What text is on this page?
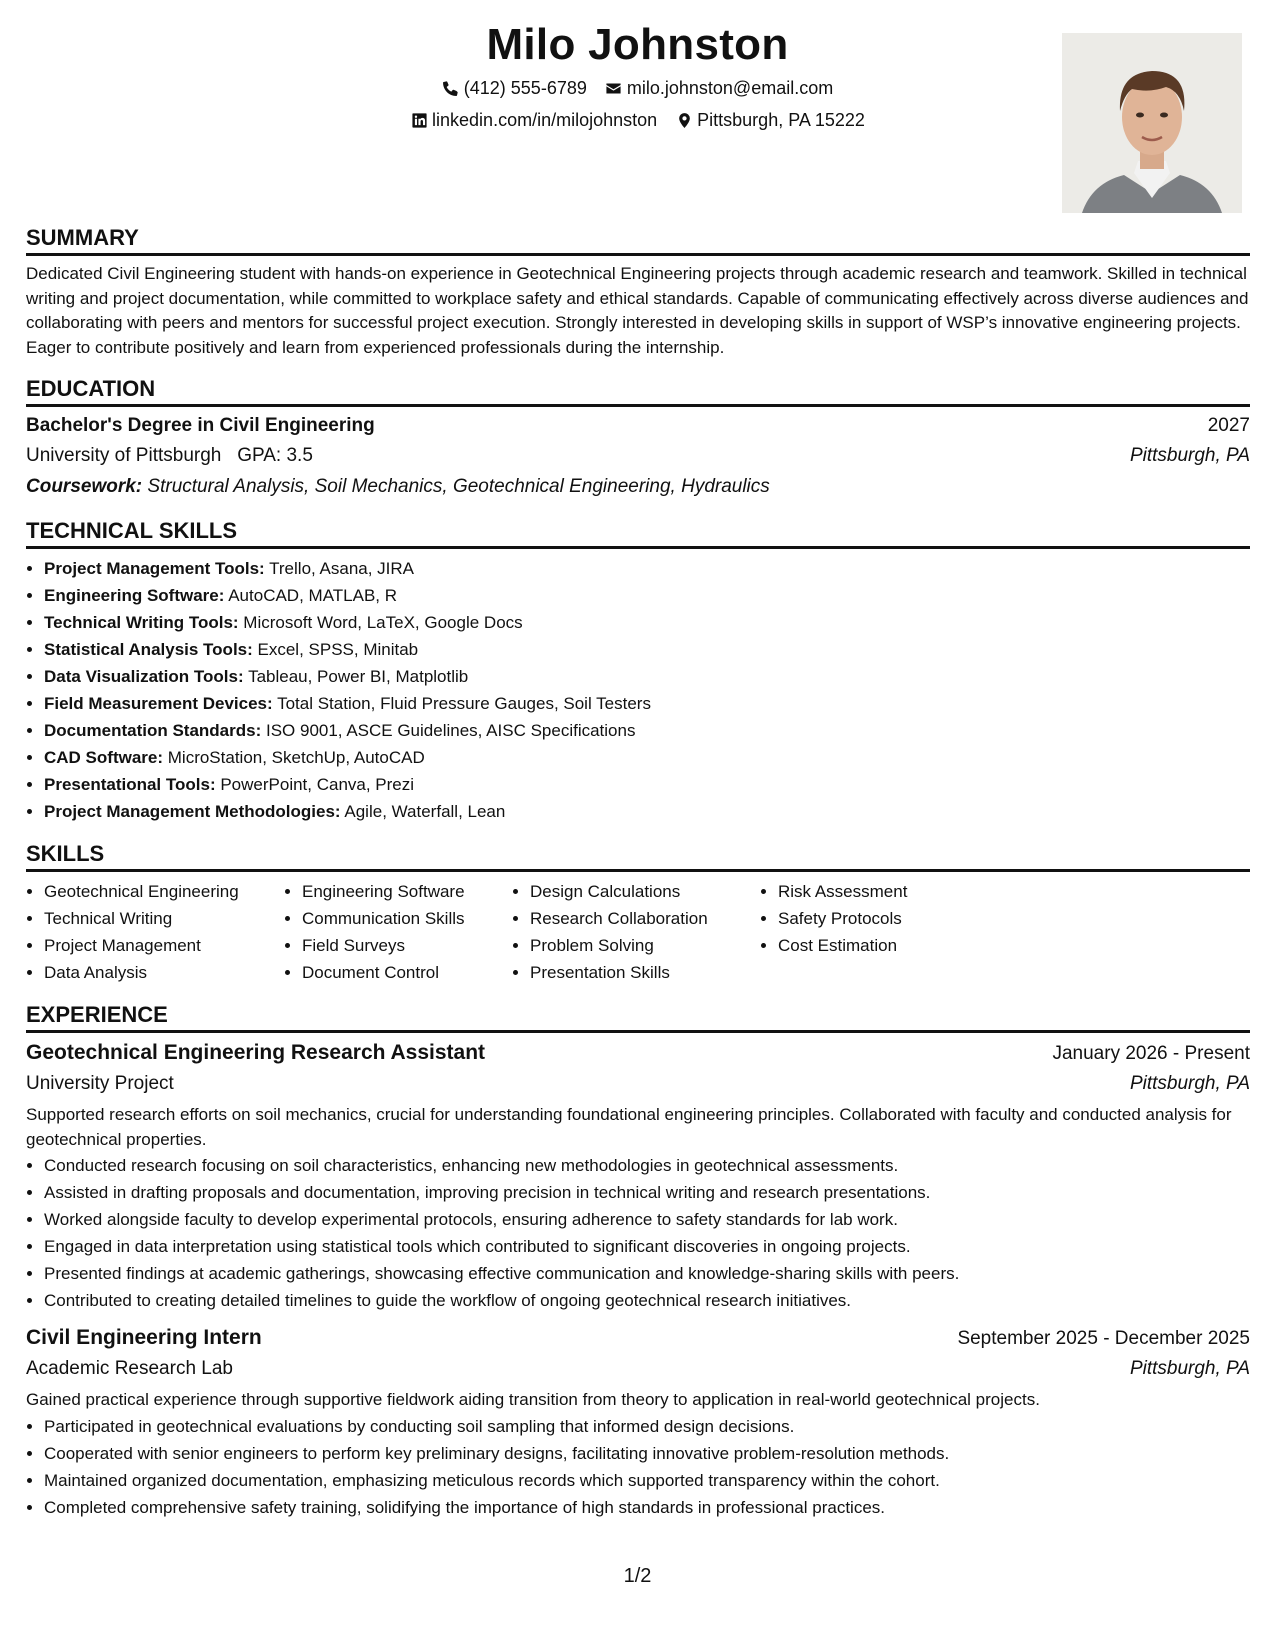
Milo Johnston
(412) 555-6789 milo.johnston@email.com
linkedin.com/in/milojohnston Pittsburgh, PA 15222
SUMMARY

Dedicated Civil Engineering student with hands-on experience in Geotechnical Engineering projects through academic research and teamwork. Skilled in technical writing and project documentation, while committed to workplace safety and ethical standards. Capable of communicating effectively across diverse audiences and collaborating with peers and mentors for successful project execution. Strongly interested in developing skills in support of WSP’s innovative engineering projects. Eager to contribute positively and learn from experienced professionals during the internship.

EDUCATION
Bachelor's Degree in Civil Engineering	2027
University of Pittsburgh GPA: 3.5	Pittsburgh, PA
Coursework: Structural Analysis, Soil Mechanics, Geotechnical Engineering, Hydraulics
TECHNICAL SKILLS
• Project Management Tools: Trello, Asana, JIRA
• Engineering Software: AutoCAD, MATLAB, R
• Technical Writing Tools: Microsoft Word, LaTeX, Google Docs
• Statistical Analysis Tools: Excel, SPSS, Minitab
• Data Visualization Tools: Tableau, Power BI, Matplotlib
• Field Measurement Devices: Total Station, Fluid Pressure Gauges, Soil Testers
• Documentation Standards: ISO 9001, ASCE Guidelines, AISC Specifications
• CAD Software: MicroStation, SketchUp, AutoCAD
• Presentational Tools: PowerPoint, Canva, Prezi
• Project Management Methodologies: Agile, Waterfall, Lean
SKILLS
• Geotechnical Engineering
• Technical Writing
• Project Management
• Data Analysis
• Engineering Software
• Communication Skills
• Field Surveys
• Document Control
• Design Calculations
• Research Collaboration
• Problem Solving
• Presentation Skills
• Risk Assessment
• Safety Protocols
• Cost Estimation
EXPERIENCE
Geotechnical Engineering Research Assistant	January 2026 - Present
University Project	Pittsburgh, PA

Supported research efforts on soil mechanics, crucial for understanding foundational engineering principles. Collaborated with faculty and conducted analysis for geotechnical properties.

• Conducted research focusing on soil characteristics, enhancing new methodologies in geotechnical assessments.
• Assisted in drafting proposals and documentation, improving precision in technical writing and research presentations.
• Worked alongside faculty to develop experimental protocols, ensuring adherence to safety standards for lab work.
• Engaged in data interpretation using statistical tools which contributed to significant discoveries in ongoing projects.
• Presented findings at academic gatherings, showcasing effective communication and knowledge-sharing skills with peers.
• Contributed to creating detailed timelines to guide the workflow of ongoing geotechnical research initiatives.
Civil Engineering Intern	September 2025 - December 2025
Academic Research Lab	Pittsburgh, PA

Gained practical experience through supportive fieldwork aiding transition from theory to application in real-world geotechnical projects.

• Participated in geotechnical evaluations by conducting soil sampling that informed design decisions.
• Cooperated with senior engineers to perform key preliminary designs, facilitating innovative problem-resolution methods.
• Maintained organized documentation, emphasizing meticulous records which supported transparency within the cohort.
• Completed comprehensive safety training, solidifying the importance of high standards in professional practices.
1/2
